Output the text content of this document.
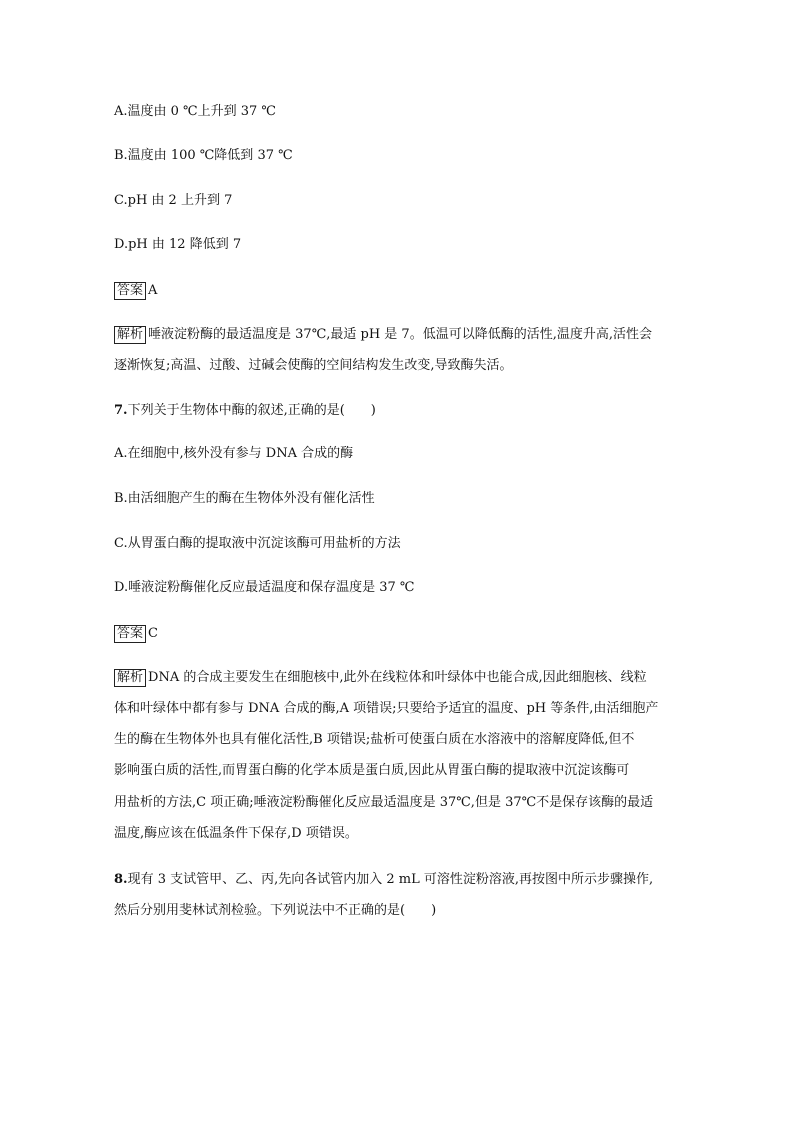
A.温度由 0 ℃上升到 37 ℃
B.温度由 100 ℃降低到 37 ℃
C.pH 由 2 上升到 7
D.pH 由 12 降低到 7
答案 A
解析 唾液淀粉酶的最适温度是 37℃,最适 pH 是 7。低温可以降低酶的活性,温度升高,活性会
逐渐恢复;高温、过酸、过碱会使酶的空间结构发生改变,导致酶失活。
7.下列关于生物体中酶的叙述,正确的是(　　)
A.在细胞中,核外没有参与 DNA 合成的酶
B.由活细胞产生的酶在生物体外没有催化活性
C.从胃蛋白酶的提取液中沉淀该酶可用盐析的方法
D.唾液淀粉酶催化反应最适温度和保存温度是 37 ℃
答案 C
解析 DNA 的合成主要发生在细胞核中,此外在线粒体和叶绿体中也能合成,因此细胞核、线粒
体和叶绿体中都有参与 DNA 合成的酶,A 项错误;只要给予适宜的温度、pH 等条件,由活细胞产
生的酶在生物体外也具有催化活性,B 项错误;盐析可使蛋白质在水溶液中的溶解度降低,但不
影响蛋白质的活性,而胃蛋白酶的化学本质是蛋白质,因此从胃蛋白酶的提取液中沉淀该酶可
用盐析的方法,C 项正确;唾液淀粉酶催化反应最适温度是 37℃,但是 37℃不是保存该酶的最适
温度,酶应该在低温条件下保存,D 项错误。
8.现有 3 支试管甲、乙、丙,先向各试管内加入 2 mL 可溶性淀粉溶液,再按图中所示步骤操作,
然后分别用斐林试剂检验。下列说法中不正确的是(　　)
